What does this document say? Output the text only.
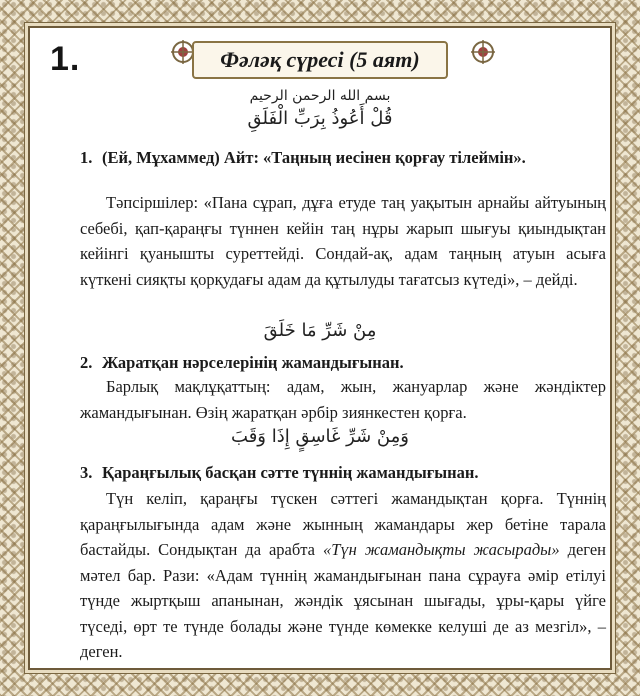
1.	Фәләқ сүресі (5 аят)
بسم الله الرحمن الرحيم
قُلْ أَعُوذُ بِرَبِّ الْفَلَقِ
1. (Ей, Мұхаммед) Айт: «Таңның иесінен қорғау тілеймін».
Тәпсіршілер: «Пана сұрап, дұға етуде таң уақытын арнайы айтуының себебі, қап-қараңғы түннен кейін таң нұры жарып шығуы қиындықтан кейінгі қуанышты суреттейді. Сондай-ақ, адам таңның атуын асыға күткені сияқты қорқудағы адам да құтылуды тағатсыз күтеді», – дейді.
مِنْ شَرِّ مَا خَلَقَ
2. Жаратқан нәрселерінің жамандығынан.
Барлық мақлұқаттың: адам, жын, жануарлар және жәндіктер жамандығынан. Өзің жаратқан әрбір зиянкестен қорға.
وَمِنْ شَرِّ غَاسِقٍ إِذَا وَقَبَ
3. Қараңғылық басқан сәтте түннің жамандығынан.
Түн келіп, қараңғы түскен сәттегі жамандықтан қорға. Түннің қараңғылығында адам және жынның жамандары жер бетіне тарала бастайды. Сондықтан да арабта «Түн жамандықты жасырады» деген мәтел бар. Рази: «Адам түннің жамандығынан пана сұрауға әмір етілуі түнде жыртқыш апанынан, жәндік ұясынан шығады, ұры-қары үйге түседі, өрт те түнде болады және түнде көмекке келуші де аз мезгіл», – деген.
